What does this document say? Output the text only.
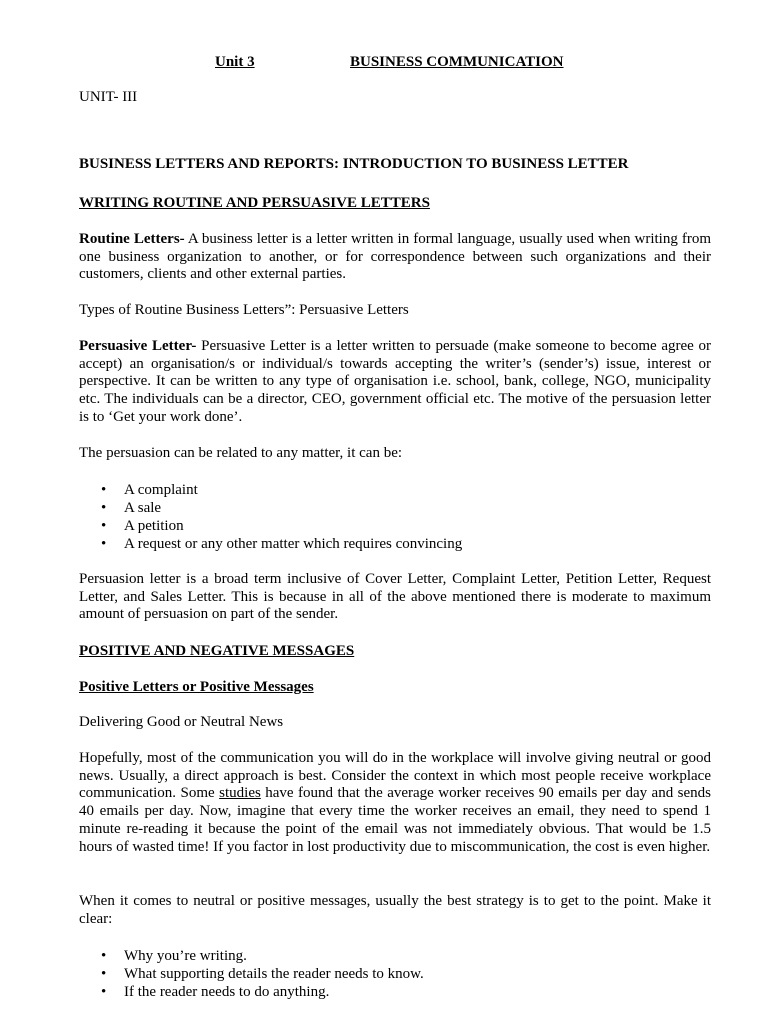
Unit 3	BUSINESS COMMUNICATION

UNIT- III

BUSINESS LETTERS AND REPORTS: INTRODUCTION TO BUSINESS LETTER

WRITING ROUTINE AND PERSUASIVE LETTERS

Routine Letters- A business letter is a letter written in formal language, usually used when writing from one business organization to another, or for correspondence between such organizations and their customers, clients and other external parties.

Types of Routine Business Letters”: Persuasive Letters

Persuasive Letter- Persuasive Letter is a letter written to persuade (make someone to become agree or accept) an organisation/s or individual/s towards accepting the writer’s (sender’s) issue, interest or perspective. It can be written to any type of organisation i.e. school, bank, college, NGO, municipality etc. The individuals can be a director, CEO, government official etc. The motive of the persuasion letter is to ‘Get your work done’.

The persuasion can be related to any matter, it can be:

• A complaint
• A sale
• A petition
• A request or any other matter which requires convincing

Persuasion letter is a broad term inclusive of Cover Letter, Complaint Letter, Petition Letter, Request Letter, and Sales Letter. This is because in all of the above mentioned there is moderate to maximum amount of persuasion on part of the sender.

POSITIVE AND NEGATIVE MESSAGES

Positive Letters or Positive Messages

Delivering Good or Neutral News

Hopefully, most of the communication you will do in the workplace will involve giving neutral or good news. Usually, a direct approach is best. Consider the context in which most people receive workplace communication. Some studies have found that the average worker receives 90 emails per day and sends 40 emails per day. Now, imagine that every time the worker receives an email, they need to spend 1 minute re-reading it because the point of the email was not immediately obvious. That would be 1.5 hours of wasted time! If you factor in lost productivity due to miscommunication, the cost is even higher.

When it comes to neutral or positive messages, usually the best strategy is to get to the point. Make it clear:

• Why you’re writing.
• What supporting details the reader needs to know.
• If the reader needs to do anything.
